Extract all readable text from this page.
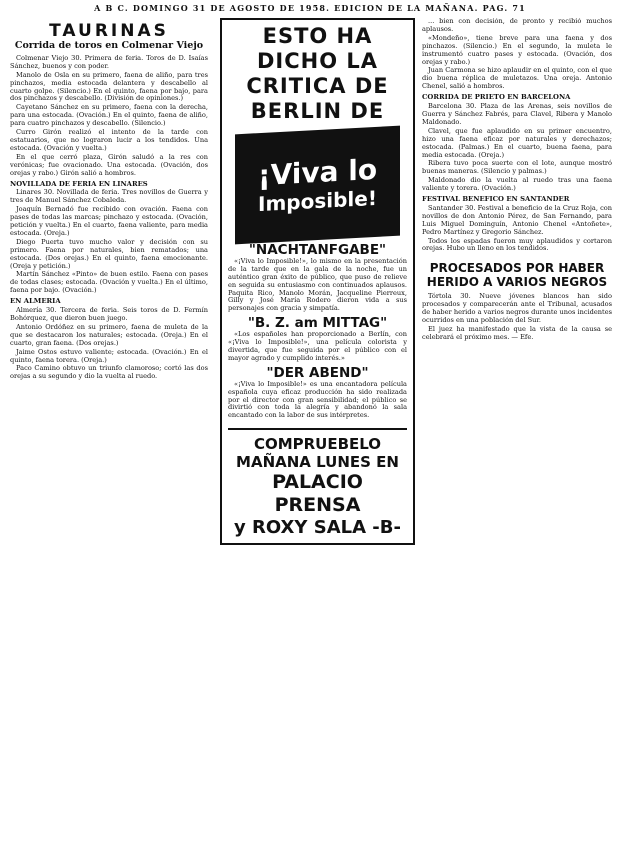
A B C. DOMINGO 31 DE AGOSTO DE 1958. EDICION DE LA MAÑANA. PAG. 71
TAURINAS
Corrida de toros en Colmenar Viejo

Colmenar Viejo 30. Primera de feria. Toros de D. Isaías Sánchez, buenos y con poder.

Manolo de Osla en su primero, faena de aliño, para tres pinchazos, media estocada delantera y descabello al cuarto golpe. (Silencio.) En el quinto, faena por bajo, para dos pinchazos y descabello. (División de opiniones.)

Cayetano Sánchez en su primero, faena con la derecha, para una estocada. (Ovación.) En el quinto, faena de aliño, para cuatro pinchazos y descabello. (Silencio.)

Curro Girón realizó el intento de la tarde con estatuarios, que no lograron lucir a los tendidos. Una estocada. (Ovación y vuelta.)

En el que cerró plaza, Girón saludó a la res con verónicas; fue ovacionado. Una estocada. (Ovación, dos orejas y rabo.) Girón salió a hombros.

NOVILLADA DE FERIA EN LINARES

Linares 30. Novillada de feria. Tres novillos de Guerra y tres de Manuel Sánchez Cobaleda.

Joaquín Bernadó fue recibido con ovación. Faena con pases de todas las marcas; pinchazo y estocada. (Ovación, petición y vuelta.) En el cuarto, faena valiente, para media estocada. (Oreja.)

Diego Puerta tuvo mucho valor y decisión con su primero. Faena por naturales, bien rematados; una estocada. (Dos orejas.) En el quinto, faena emocionante. (Oreja y petición.)

Martín Sánchez «Pinto» de buen estilo. Faena con pases de todas clases; estocada. (Ovación y vuelta.) En el último, faena por bajo. (Ovación.)

EN ALMERIA

Almería 30. Tercera de feria. Seis toros de D. Fermín Bohórquez, que dieron buen juego.

Antonio Ordóñez en su primero, faena de muleta de la que se destacaron los naturales; estocada. (Oreja.) En el cuarto, gran faena. (Dos orejas.)

Jaime Ostos estuvo valiente; estocada. (Ovación.) En el quinto, faena torera. (Oreja.)

Paco Camino obtuvo un triunfo clamoroso; cortó las dos orejas a su segundo y dio la vuelta al ruedo.

ESTO HA DICHO LA CRITICA DE BERLIN DE
¡Viva lo
Imposible!
"NACHTANFGABE"
«¡Viva lo Imposible!», lo mismo en la presentación de la tarde que en la gala de la noche, fue un auténtico gran éxito de público, que puso de relieve en seguida su entusiasmo con continuados aplausos. Paquita Rico, Manolo Morán, Jacqueline Pierreux, Gilly y José María Rodero dieron vida a sus personajes con gracia y simpatía.
"B. Z. am MITTAG"
«Los españoles han proporcionado a Berlín, con «¡Viva lo Imposible!», una película colorista y divertida, que fue seguida por el público con el mayor agrado y cumplido interés.»
"DER ABEND"
«¡Viva lo Imposible!» es una encantadora película española cuya eficaz producción ha sido realizada por el director con gran sensibilidad; el público se divirtió con toda la alegría y abandonó la sala encantado con la labor de sus intérpretes.
COMPRUEBELO MAÑANA LUNES EN
PALACIO PRENSA
y ROXY SALA -B-

... bien con decisión, de pronto y recibió muchos aplausos.

«Mondeño», tiene breve para una faena y dos pinchazos. (Silencio.) En el segundo, la muleta le instrumentó cuatro pases y estocada. (Ovación, dos orejas y rabo.)

Juan Carmona se hizo aplaudir en el quinto, con el que dio buena réplica de muletazos. Una oreja. Antonio Chenel, salió a hombros.

CORRIDA DE PRIETO EN BARCELONA

Barcelona 30. Plaza de las Arenas, seis novillos de Guerra y Sánchez Fabrés, para Clavel, Ribera y Manolo Maldonado.

Clavel, que fue aplaudido en su primer encuentro, hizo una faena eficaz por naturales y derechazos; estocada. (Palmas.) En el cuarto, buena faena, para media estocada. (Oreja.)

Ribera tuvo poca suerte con el lote, aunque mostró buenas maneras. (Silencio y palmas.)

Maldonado dio la vuelta al ruedo tras una faena valiente y torera. (Ovación.)

FESTIVAL BENEFICO EN SANTANDER

Santander 30. Festival a beneficio de la Cruz Roja, con novillos de don Antonio Pérez, de San Fernando, para Luis Miguel Dominguín, Antonio Chenel «Antoñete», Pedro Martínez y Gregorio Sánchez.

Todos los espadas fueron muy aplaudidos y cortaron orejas. Hubo un lleno en los tendidos.

PROCESADOS POR HABER HERIDO A VARIOS NEGROS

Tórtola 30. Nueve jóvenes blancos han sido procesados y comparecerán ante el Tribunal, acusados de haber herido a varios negros durante unos incidentes ocurridos en una población del Sur.

El juez ha manifestado que la vista de la causa se celebrará el próximo mes. — Efe.
